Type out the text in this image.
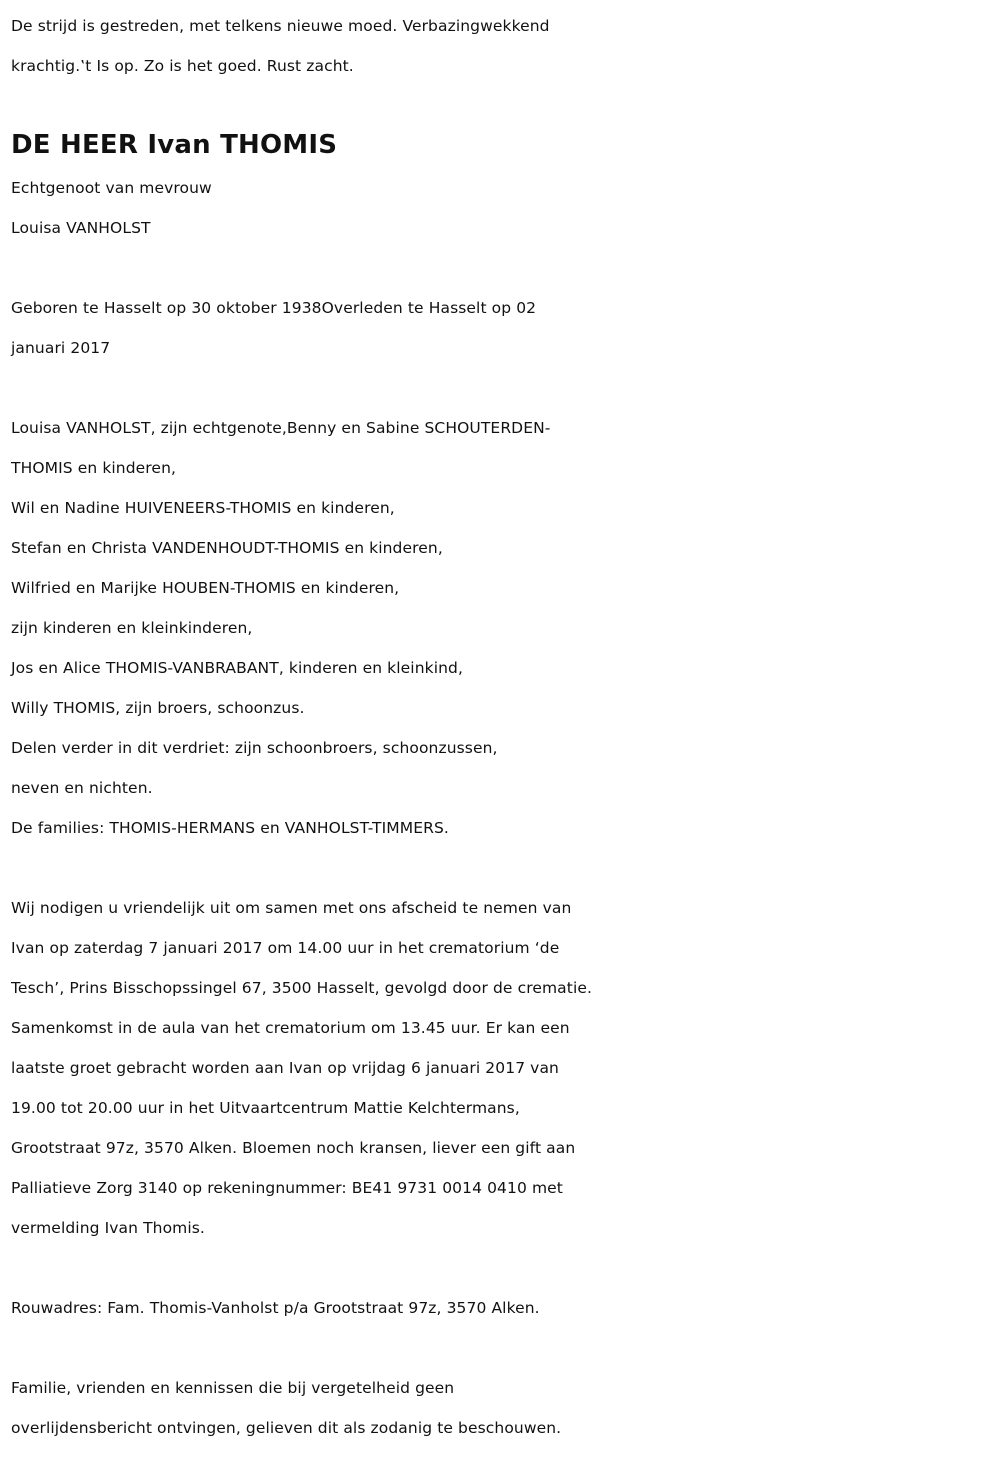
De strijd is gestreden, met telkens nieuwe moed. Verbazingwekkend
krachtig.‛t Is op. Zo is het goed. Rust zacht.
DE HEER Ivan THOMIS
Echtgenoot van mevrouw
Louisa VANHOLST
Geboren te Hasselt op 30 oktober 1938Overleden te Hasselt op 02
januari 2017
Louisa VANHOLST, zijn echtgenote,Benny en Sabine SCHOUTERDEN-
THOMIS en kinderen,
Wil en Nadine HUIVENEERS-THOMIS en kinderen,
Stefan en Christa VANDENHOUDT-THOMIS en kinderen,
Wilfried en Marijke HOUBEN-THOMIS en kinderen,
zijn kinderen en kleinkinderen,
Jos en Alice THOMIS-VANBRABANT, kinderen en kleinkind,
Willy THOMIS, zijn broers, schoonzus.
Delen verder in dit verdriet: zijn schoonbroers, schoonzussen,
neven en nichten.
De families: THOMIS-HERMANS en VANHOLST-TIMMERS.
Wij nodigen u vriendelijk uit om samen met ons afscheid te nemen van
Ivan op zaterdag 7 januari 2017 om 14.00 uur in het crematorium ‘de
Tesch’, Prins Bisschopssingel 67, 3500 Hasselt, gevolgd door de crematie.
Samenkomst in de aula van het crematorium om 13.45 uur. Er kan een
laatste groet gebracht worden aan Ivan op vrijdag 6 januari 2017 van
19.00 tot 20.00 uur in het Uitvaartcentrum Mattie Kelchtermans,
Grootstraat 97z, 3570 Alken. Bloemen noch kransen, liever een gift aan
Palliatieve Zorg 3140 op rekeningnummer: BE41 9731 0014 0410 met
vermelding Ivan Thomis.
Rouwadres: Fam. Thomis-Vanholst p/a Grootstraat 97z, 3570 Alken.
Familie, vrienden en kennissen die bij vergetelheid geen
overlijdensbericht ontvingen, gelieven dit als zodanig te beschouwen.
